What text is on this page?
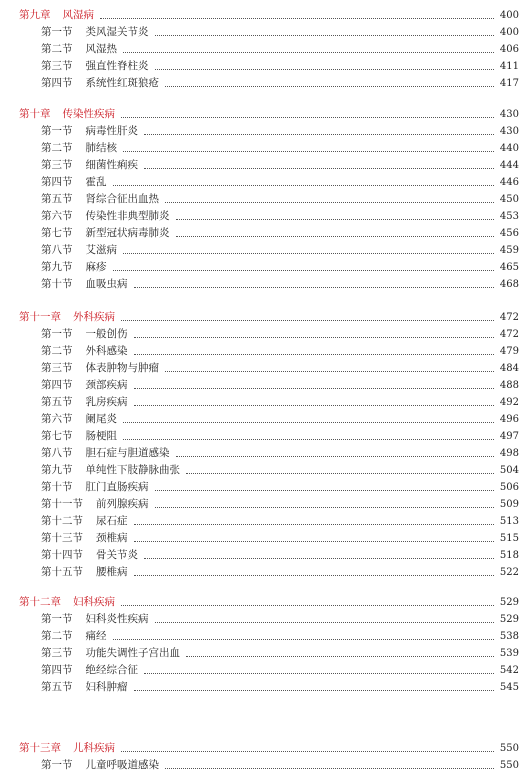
第九章 风湿病	400
第一节 类风湿关节炎	400
第二节 风湿热	406
第三节 强直性脊柱炎	411
第四节 系统性红斑狼疮	417
第十章 传染性疾病	430
第一节 病毒性肝炎	430
第二节 肺结核	440
第三节 细菌性痢疾	444
第四节 霍乱	446
第五节 肾综合征出血热	450
第六节 传染性非典型肺炎	453
第七节 新型冠状病毒肺炎	456
第八节 艾滋病	459
第九节 麻疹	465
第十节 血吸虫病	468
第十一章 外科疾病	472
第一节 一般创伤	472
第二节 外科感染	479
第三节 体表肿物与肿瘤	484
第四节 颈部疾病	488
第五节 乳房疾病	492
第六节 阑尾炎	496
第七节 肠梗阻	497
第八节 胆石症与胆道感染	498
第九节 单纯性下肢静脉曲张	504
第十节 肛门直肠疾病	506
第十一节 前列腺疾病	509
第十二节 尿石症	513
第十三节 颈椎病	515
第十四节 骨关节炎	518
第十五节 腰椎病	522
第十二章 妇科疾病	529
第一节 妇科炎性疾病	529
第二节 痛经	538
第三节 功能失调性子宫出血	539
第四节 绝经综合征	542
第五节 妇科肿瘤	545
第十三章 儿科疾病	550
第一节 儿童呼吸道感染	550
